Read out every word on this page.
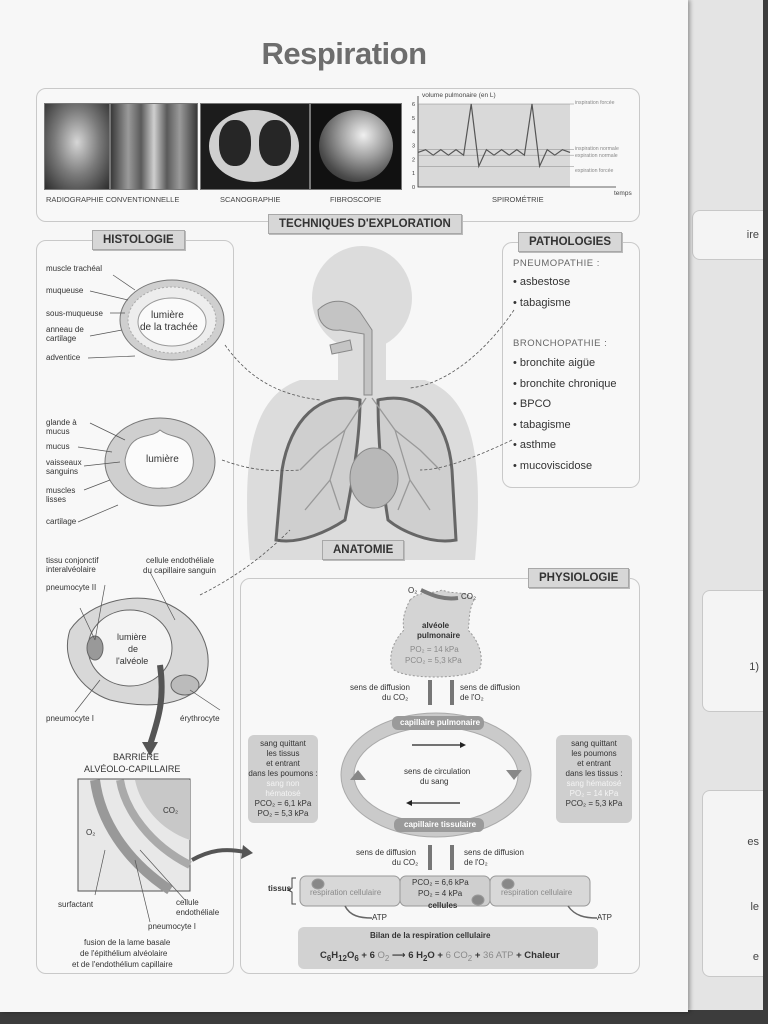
ire
1)
es
le
e
Respiration
RADIOGRAPHIE CONVENTIONNELLE	SCANOGRAPHIE	FIBROSCOPIE	SPIROMÉTRIE
TECHNIQUES D'EXPLORATION
volume pulmonaire (en L)
temps
6
5
4
3
2
1
0
inspiration forcée
inspiration normale
expiration normale
expiration forcée
HISTOLOGIE	PATHOLOGIES
PNEUMOPATHIE :
• asbestose
• tabagisme
BRONCHOPATHIE :
• bronchite aigüe
• bronchite chronique
• BPCO
• tabagisme
• asthme
• mucoviscidose
PHYSIOLOGIE
muscle trachéal
muqueuse
sous-muqueuse
anneau de cartilage
adventice
lumière
de la trachée
glande à mucus
mucus
vaisseaux sanguins
muscles lisses
cartilage
lumière
tissu conjonctif interalvéolaire
pneumocyte II
pneumocyte I
cellule endothéliale
du capillaire sanguin
érythrocyte
lumière
de
l'alvéole
BARRIÈRE
ALVÉOLO-CAPILLAIRE
CO₂
O₂
surfactant	cellule endothéliale
pneumocyte I
fusion de la lame basale
de l'épithélium alvéolaire
et de l'endothélium capillaire
ANATOMIE
O₂
CO₂
alvéole
pulmonaire
PO₂ = 14 kPa
PCO₂ = 5,3 kPa
sens de diffusion
du CO₂
sens de diffusion
de l'O₂
capillaire pulmonaire
capillaire tissulaire
sens de circulation
du sang
sang quittant
les tissus
et entrant
dans les poumons :
sang non hématosé
PCO₂ = 6,1 kPa
PO₂ = 5,3 kPa
sang quittant
les poumons
et entrant
dans les tissus :
sang hématosé
PO₂ = 14 kPa
PCO₂ = 5,3 kPa
sens de diffusion
du CO₂
sens de diffusion
de l'O₂
tissus respiration cellulaire	respiration cellulaire
PCO₂ = 6,6 kPa
PO₂ = 4 kPa
cellules
ATP	ATP
Bilan de la respiration cellulaire
$C_6H_{12}O_6 + 6$ $O_2$ ⟶ 6 $H_2O + 6$ $CO_2 + 36$ ATP + Chaleur
